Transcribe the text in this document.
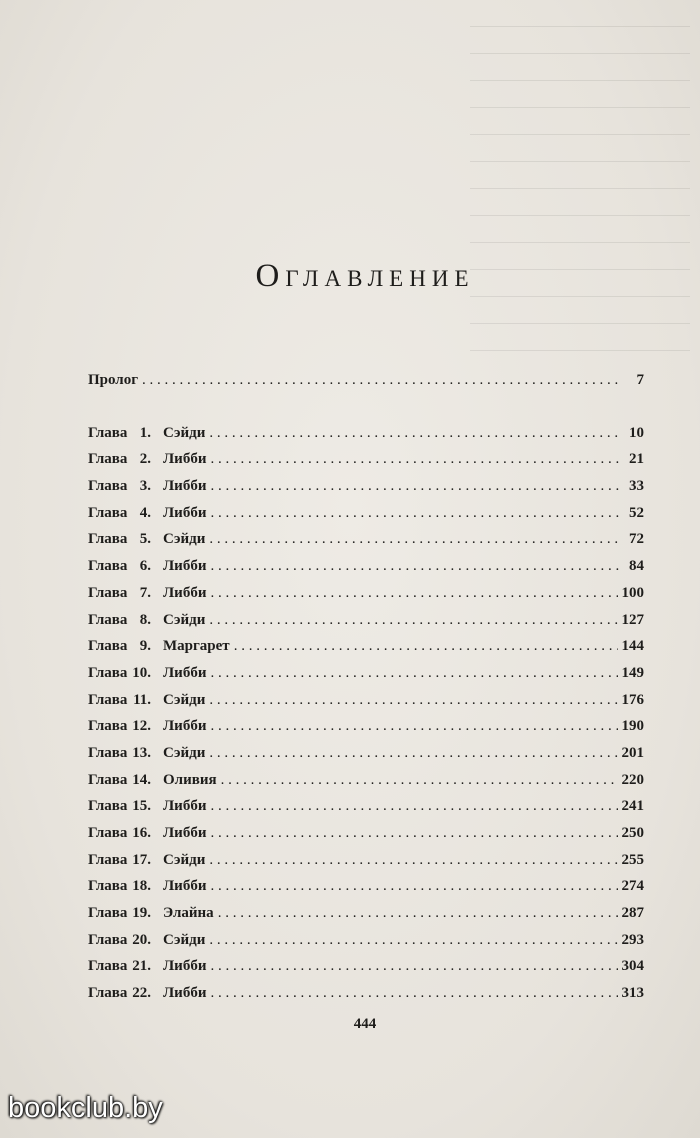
Оглавление
Пролог . . .	7
Глава 1. Сэйди . . .	10
Глава 2. Либби . . .	21
Глава 3. Либби . . .	33
Глава 4. Либби . . .	52
Глава 5. Сэйди . . .	72
Глава 6. Либби . . .	84
Глава 7. Либби . . .	100
Глава 8. Сэйди . . .	127
Глава 9. Маргарет . . .	144
Глава 10. Либби . . .	149
Глава 11. Сэйди . . .	176
Глава 12. Либби . . .	190
Глава 13. Сэйди . . .	201
Глава 14. Оливия . . .	220
Глава 15. Либби . . .	241
Глава 16. Либби . . .	250
Глава 17. Сэйди . . .	255
Глава 18. Либби . . .	274
Глава 19. Элайна . . .	287
Глава 20. Сэйди . . .	293
Глава 21. Либби . . .	304
Глава 22. Либби . . .	313
444
bookclub.by
